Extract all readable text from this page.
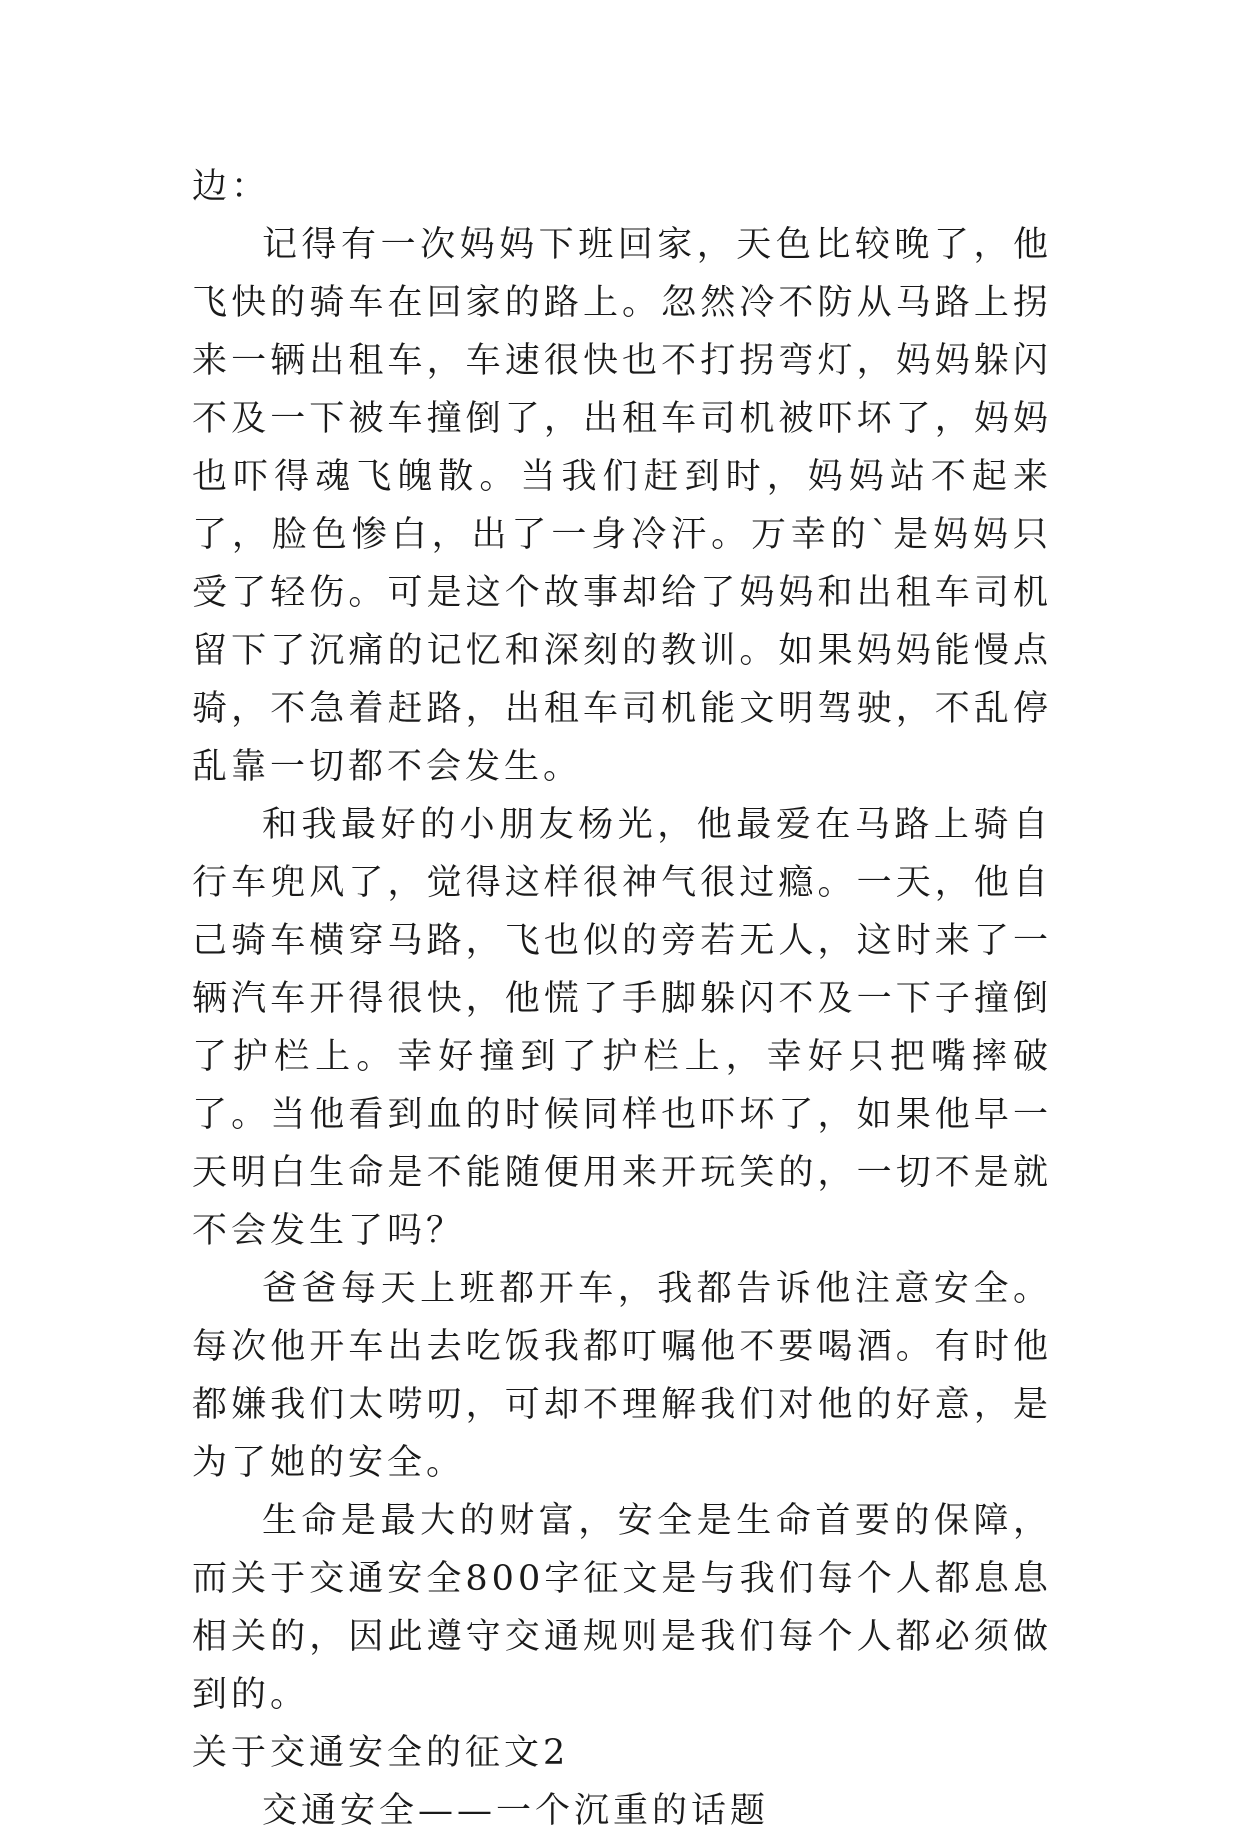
边：

记得有一次妈妈下班回家，天色比较晚了，他飞快的骑车在回家的路上。忽然冷不防从马路上拐来一辆出租车，车速很快也不打拐弯灯，妈妈躲闪不及一下被车撞倒了，出租车司机被吓坏了，妈妈也吓得魂飞魄散。当我们赶到时，妈妈站不起来了，脸色惨白，出了一身冷汗。万幸的`是妈妈只受了轻伤。可是这个故事却给了妈妈和出租车司机留下了沉痛的记忆和深刻的教训。如果妈妈能慢点骑，不急着赶路，出租车司机能文明驾驶，不乱停乱靠一切都不会发生。

和我最好的小朋友杨光，他最爱在马路上骑自行车兜风了，觉得这样很神气很过瘾。一天，他自己骑车横穿马路，飞也似的旁若无人，这时来了一辆汽车开得很快，他慌了手脚躲闪不及一下子撞倒了护栏上。幸好撞到了护栏上，幸好只把嘴摔破了。当他看到血的时候同样也吓坏了，如果他早一天明白生命是不能随便用来开玩笑的，一切不是就不会发生了吗？

爸爸每天上班都开车，我都告诉他注意安全。每次他开车出去吃饭我都叮嘱他不要喝酒。有时他都嫌我们太唠叨，可却不理解我们对他的好意，是为了她的安全。

生命是最大的财富，安全是生命首要的保障，而关于交通安全800字征文是与我们每个人都息息相关的，因此遵守交通规则是我们每个人都必须做到的。

关于交通安全的征文2

交通安全——一个沉重的话题
